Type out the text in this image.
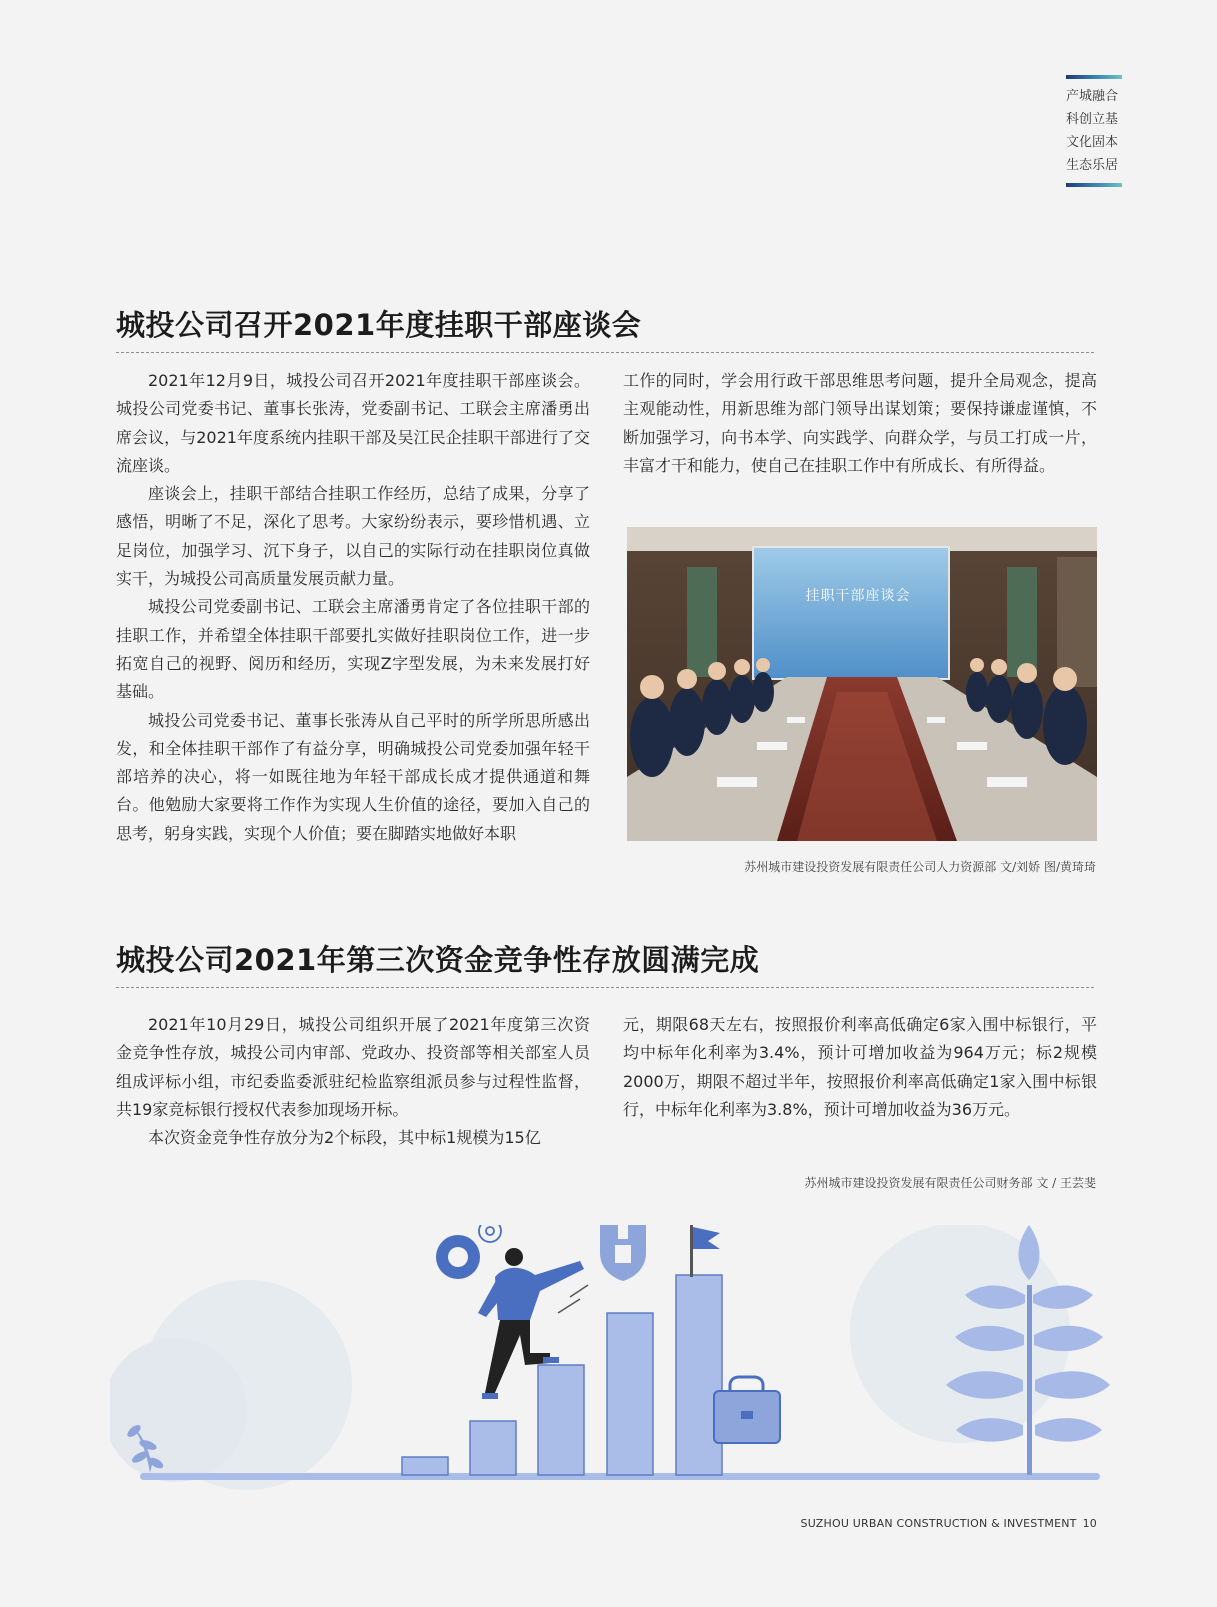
产城融合
科创立基
文化固本
生态乐居
城投公司召开2021年度挂职干部座谈会

2021年12月9日，城投公司召开2021年度挂职干部座谈会。城投公司党委书记、董事长张涛，党委副书记、工联会主席潘勇出席会议，与2021年度系统内挂职干部及吴江民企挂职干部进行了交流座谈。

座谈会上，挂职干部结合挂职工作经历，总结了成果，分享了感悟，明晰了不足，深化了思考。大家纷纷表示，要珍惜机遇、立足岗位，加强学习、沉下身子，以自己的实际行动在挂职岗位真做实干，为城投公司高质量发展贡献力量。

城投公司党委副书记、工联会主席潘勇肯定了各位挂职干部的挂职工作，并希望全体挂职干部要扎实做好挂职岗位工作，进一步拓宽自己的视野、阅历和经历，实现Z字型发展，为未来发展打好基础。

城投公司党委书记、董事长张涛从自己平时的所学所思所感出发，和全体挂职干部作了有益分享，明确城投公司党委加强年轻干部培养的决心，将一如既往地为年轻干部成长成才提供通道和舞台。他勉励大家要将工作作为实现人生价值的途径，要加入自己的思考，躬身实践，实现个人价值；要在脚踏实地做好本职

工作的同时，学会用行政干部思维思考问题，提升全局观念，提高主观能动性，用新思维为部门领导出谋划策；要保持谦虚谨慎，不断加强学习，向书本学、向实践学、向群众学，与员工打成一片，丰富才干和能力，使自己在挂职工作中有所成长、有所得益。

挂职干部座谈会
苏州城市建设投资发展有限责任公司人力资源部 文/刘娇 图/黄琦琦
城投公司2021年第三次资金竞争性存放圆满完成

2021年10月29日，城投公司组织开展了2021年度第三次资金竞争性存放，城投公司内审部、党政办、投资部等相关部室人员组成评标小组，市纪委监委派驻纪检监察组派员参与过程性监督，共19家竞标银行授权代表参加现场开标。

本次资金竞争性存放分为2个标段，其中标1规模为15亿

元，期限68天左右，按照报价利率高低确定6家入围中标银行，平均中标年化利率为3.4%，预计可增加收益为964万元；标2规模2000万，期限不超过半年，按照报价利率高低确定1家入围中标银行，中标年化利率为3.8%，预计可增加收益为36万元。

苏州城市建设投资发展有限责任公司财务部 文 / 王芸斐
SUZHOU URBAN CONSTRUCTION & INVESTMENT 10
